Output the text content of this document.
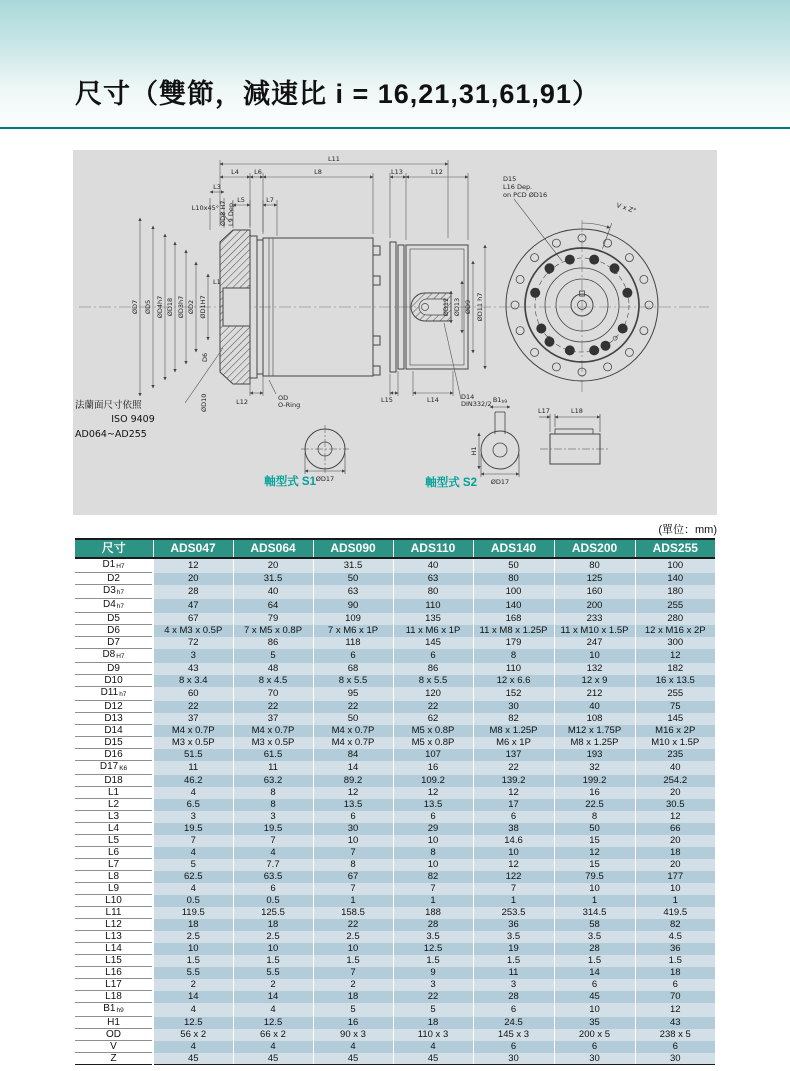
尺寸（雙節，減速比 i = 16,21,31,61,91）
L11
L4 L6	L8	L13	L12
L3
L10x45°
L5	L7
ØD8 H7 L9 Dep.
ØD7 ØD5 ØD4h7 ØD18 ØD3h7 ØD2 ØD1H7
L1
D6
ØD10	L12	OD
O-Ring
L15	L14	D14
DIN332/2
ØD12 ØD13 ØD9 ØD11 h7
法蘭面尺寸依照
ISO 9409
AD064~AD255
D15
L16 Dep.
on PCD ØD16
V x Z°
軸型式 S1 ØD17
B1h9
H1
ØD17
軸型式 S2
L17	L18
(單位：mm)
尺寸	ADS047	ADS064	ADS090	ADS110	ADS140	ADS200	ADS255
D1H7	12	20	31.5	40	50	80	100
D2	20	31.5	50	63	80	125	140
D3h7	28	40	63	80	100	160	180
D4h7	47	64	90	110	140	200	255
D5	67	79	109	135	168	233	280
D6	4 x M3 x 0.5P	7 x M5 x 0.8P	7 x M6 x 1P	11 x M6 x 1P	11 x M8 x 1.25P	11 x M10 x 1.5P	12 x M16 x 2P
D7	72	86	118	145	179	247	300
D8H7	3	5	6	6	8	10	12
D9	43	48	68	86	110	132	182
D10	8 x 3.4	8 x 4.5	8 x 5.5	8 x 5.5	12 x 6.6	12 x 9	16 x 13.5
D11h7	60	70	95	120	152	212	255
D12	22	22	22	22	30	40	75
D13	37	37	50	62	82	108	145
D14	M4 x 0.7P	M4 x 0.7P	M4 x 0.7P	M5 x 0.8P	M8 x 1.25P	M12 x 1.75P	M16 x 2P
D15	M3 x 0.5P	M3 x 0.5P	M4 x 0.7P	M5 x 0.8P	M6 x 1P	M8 x 1.25P	M10 x 1.5P
D16	51.5	61.5	84	107	137	193	235
D17K6	11	11	14	16	22	32	40
D18	46.2	63.2	89.2	109.2	139.2	199.2	254.2
L1	4	8	12	12	12	16	20
L2	6.5	8	13.5	13.5	17	22.5	30.5
L3	3	3	6	6	6	8	12
L4	19.5	19.5	30	29	38	50	66
L5	7	7	10	10	14.6	15	20
L6	4	4	7	8	10	12	18
L7	5	7.7	8	10	12	15	20
L8	62.5	63.5	67	82	122	79.5	177
L9	4	6	7	7	7	10	10
L10	0.5	0.5	1	1	1	1	1
L11	119.5	125.5	158.5	188	253.5	314.5	419.5
L12	18	18	22	28	36	58	82
L13	2.5	2.5	2.5	3.5	3.5	3.5	4.5
L14	10	10	10	12.5	19	28	36
L15	1.5	1.5	1.5	1.5	1.5	1.5	1.5
L16	5.5	5.5	7	9	11	14	18
L17	2	2	2	3	3	6	6
L18	14	14	18	22	28	45	70
B1h9	4	4	5	5	6	10	12
H1	12.5	12.5	16	18	24.5	35	43
OD	56 x 2	66 x 2	90 x 3	110 x 3	145 x 3	200 x 5	238 x 5
V	4	4	4	4	6	6	6
Z	45	45	45	45	30	30	30
